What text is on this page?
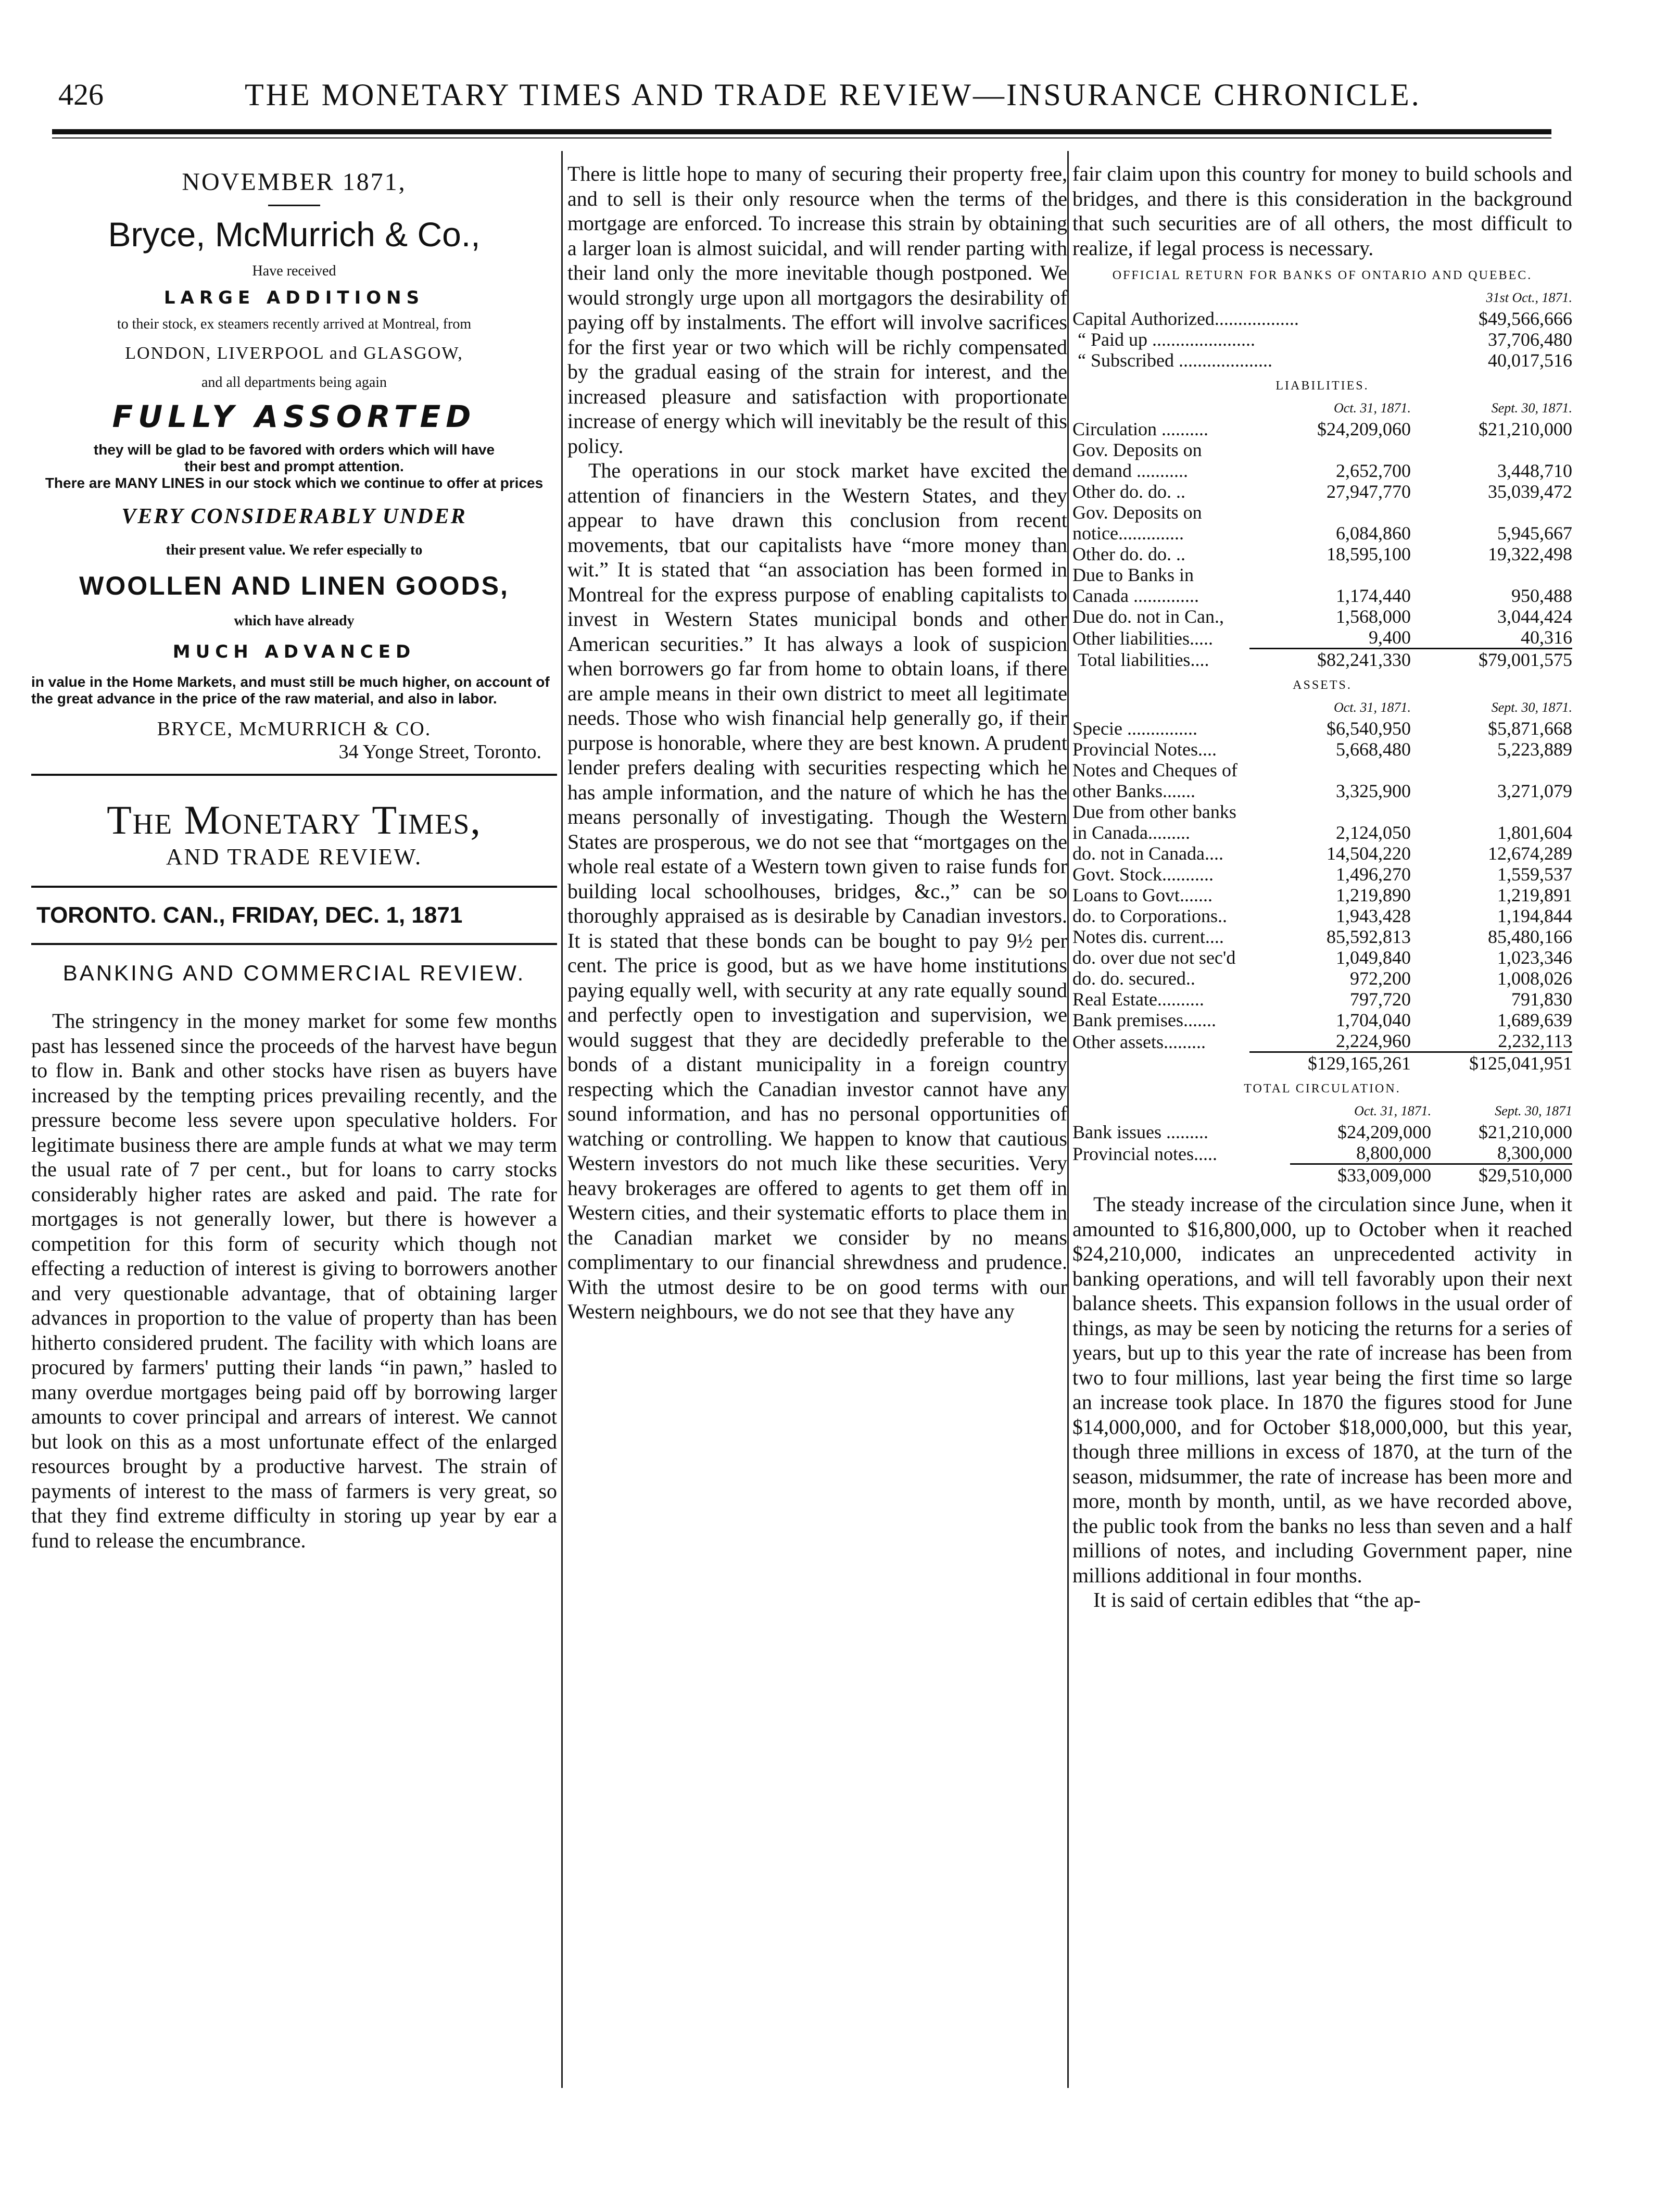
426	THE MONETARY TIMES AND TRADE REVIEW—INSURANCE CHRONICLE.
NOVEMBER 1871,
Bryce, McMurrich & Co.,
Have received
LARGE ADDITIONS
to their stock, ex steamers recently arrived at Montreal, from
LONDON, LIVERPOOL and GLASGOW,
and all departments being again
FULLY ASSORTED
they will be glad to be favored with orders which will have their best and prompt attention.
There are MANY LINES in our stock which we continue to offer at prices
VERY CONSIDERABLY UNDER
their present value. We refer especially to
WOOLLEN AND LINEN GOODS,
which have already
MUCH ADVANCED
in value in the Home Markets, and must still be much higher, on account of the great advance in the price of the raw material, and also in labor.
BRYCE, McMURRICH & CO.
34 Yonge Street, Toronto.
The Monetary Times,
AND TRADE REVIEW.
TORONTO. CAN., FRIDAY, DEC. 1, 1871
BANKING AND COMMERCIAL REVIEW.

The stringency in the money market for some few months past has lessened since the proceeds of the harvest have begun to flow in. Bank and other stocks have risen as buyers have increased by the tempting prices prevailing recently, and the pressure become less severe upon speculative holders. For legitimate business there are ample funds at what we may term the usual rate of 7 per cent., but for loans to carry stocks considerably higher rates are asked and paid. The rate for mortgages is not generally lower, but there is however a competition for this form of security which though not effecting a reduction of interest is giving to borrowers another and very questionable advantage, that of obtaining larger advances in proportion to the value of property than has been hitherto considered prudent. The facility with which loans are procured by farmers' putting their lands “in pawn,” hasled to many overdue mortgages being paid off by borrowing larger amounts to cover principal and arrears of interest. We cannot but look on this as a most unfortunate effect of the enlarged resources brought by a productive harvest. The strain of payments of interest to the mass of farmers is very great, so that they find extreme difficulty in storing up year by ear a fund to release the encumbrance.

There is little hope to many of securing their property free, and to sell is their only resource when the terms of the mortgage are enforced. To increase this strain by obtaining a larger loan is almost suicidal, and will render parting with their land only the more inevitable though postponed. We would strongly urge upon all mortgagors the desirability of paying off by instalments. The effort will involve sacrifices for the first year or two which will be richly compensated by the gradual easing of the strain for interest, and the increased pleasure and satisfaction with proportionate increase of energy which will inevitably be the result of this policy.

The operations in our stock market have excited the attention of financiers in the Western States, and they appear to have drawn this conclusion from recent movements, tbat our capitalists have “more money than wit.” It is stated that “an association has been formed in Montreal for the express purpose of enabling capitalists to invest in Western States municipal bonds and other American securities.” It has always a look of suspicion when borrowers go far from home to obtain loans, if there are ample means in their own district to meet all legitimate needs. Those who wish financial help generally go, if their purpose is honorable, where they are best known. A prudent lender prefers dealing with securities respecting which he has ample information, and the nature of which he has the means personally of investigating. Though the Western States are prosperous, we do not see that “mortgages on the whole real estate of a Western town given to raise funds for building local schoolhouses, bridges, &c.,” can be so thoroughly appraised as is desirable by Canadian investors. It is stated that these bonds can be bought to pay 9½ per cent. The price is good, but as we have home institutions paying equally well, with security at any rate equally sound and perfectly open to investigation and supervision, we would suggest that they are decidedly preferable to the bonds of a distant municipality in a foreign country respecting which the Canadian investor cannot have any sound information, and has no personal opportunities of watching or controlling. We happen to know that cautious Western investors do not much like these securities. Very heavy brokerages are offered to agents to get them off in Western cities, and their systematic efforts to place them in the Canadian market we consider by no means complimentary to our financial shrewdness and prudence. With the utmost desire to be on good terms with our Western neighbours, we do not see that they have any

fair claim upon this country for money to build schools and bridges, and there is this consideration in the background that such securities are of all others, the most difficult to realize, if legal process is necessary.

OFFICIAL RETURN FOR BANKS OF ONTARIO AND QUEBEC.
	31st Oct., 1871.
Capital Authorized..................	$49,566,666
“ Paid up ......................	37,706,480
“ Subscribed ....................	40,017,516
LIABILITIES.
	Oct. 31, 1871.	Sept. 30, 1871.
Circulation ..........	$24,209,060	$21,210,000
Gov. Deposits on demand ...........	2,652,700	3,448,710
Other do. do. ..	27,947,770	35,039,472
Gov. Deposits on notice..............	6,084,860	5,945,667
Other do. do. ..	18,595,100	19,322,498
Due to Banks in Canada ..............	1,174,440	950,488
Due do. not in Can.,	1,568,000	3,044,424
Other liabilities.....	9,400	40,316
Total liabilities....	$82,241,330	$79,001,575
ASSETS.
	Oct. 31, 1871.	Sept. 30, 1871.
Specie ...............	$6,540,950	$5,871,668
Provincial Notes....	5,668,480	5,223,889
Notes and Cheques of other Banks.......	3,325,900	3,271,079
Due from other banks in Canada.........	2,124,050	1,801,604
do. not in Canada....	14,504,220	12,674,289
Govt. Stock...........	1,496,270	1,559,537
Loans to Govt.......	1,219,890	1,219,891
do. to Corporations..	1,943,428	1,194,844
Notes dis. current....	85,592,813	85,480,166
do. over due not sec'd	1,049,840	1,023,346
do. do. secured..	972,200	1,008,026
Real Estate..........	797,720	791,830
Bank premises.......	1,704,040	1,689,639
Other assets.........	2,224,960	2,232,113
	$129,165,261	$125,041,951
TOTAL CIRCULATION.
	Oct. 31, 1871.	Sept. 30, 1871
Bank issues .........	$24,209,000	$21,210,000
Provincial notes.....	8,800,000	8,300,000
	$33,009,000	$29,510,000

The steady increase of the circulation since June, when it amounted to $16,800,000, up to October when it reached $24,210,000, indicates an unprecedented activity in banking operations, and will tell favorably upon their next balance sheets. This expansion follows in the usual order of things, as may be seen by noticing the returns for a series of years, but up to this year the rate of increase has been from two to four millions, last year being the first time so large an increase took place. In 1870 the figures stood for June $14,000,000, and for October $18,000,000, but this year, though three millions in excess of 1870, at the turn of the season, midsummer, the rate of increase has been more and more, month by month, until, as we have recorded above, the public took from the banks no less than seven and a half millions of notes, and including Government paper, nine millions additional in four months.

It is said of certain edibles that “the ap-
